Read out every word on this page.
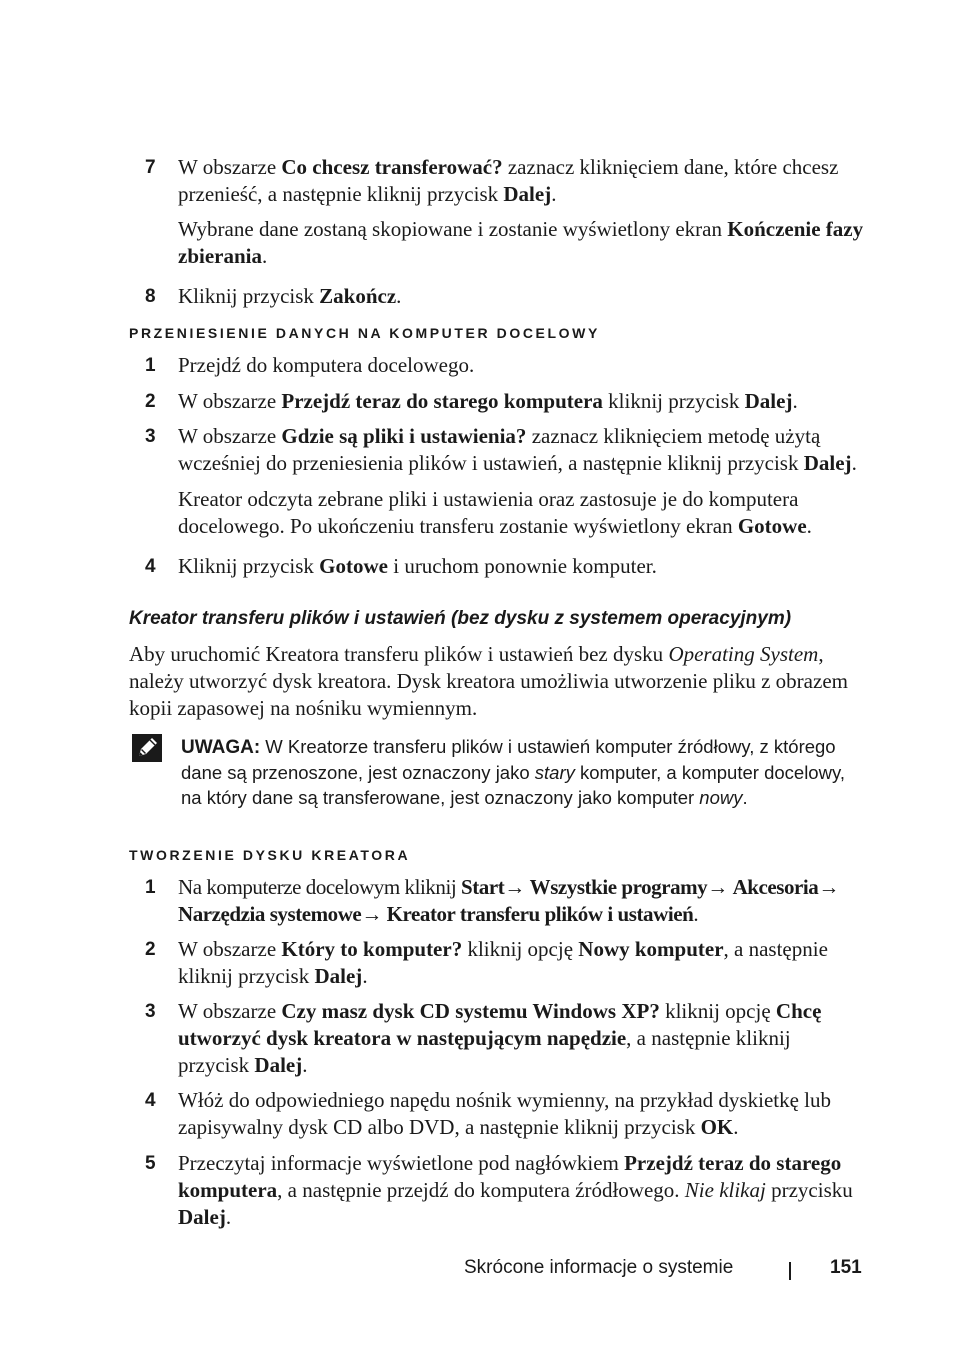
7 W obszarze Co chcesz transferować? zaznacz kliknięciem dane, które chcesz przenieść, a następnie kliknij przycisk Dalej.
Wybrane dane zostaną skopiowane i zostanie wyświetlony ekran Kończenie fazy zbierania.
8 Kliknij przycisk Zakończ.
PRZENIESIENIE DANYCH NA KOMPUTER DOCELOWY
1 Przejdź do komputera docelowego.
2 W obszarze Przejdź teraz do starego komputera kliknij przycisk Dalej.
3 W obszarze Gdzie są pliki i ustawienia? zaznacz kliknięciem metodę użytą wcześniej do przeniesienia plików i ustawień, a następnie kliknij przycisk Dalej.
Kreator odczyta zebrane pliki i ustawienia oraz zastosuje je do komputera docelowego. Po ukończeniu transferu zostanie wyświetlony ekran Gotowe.
4 Kliknij przycisk Gotowe i uruchom ponownie komputer.
Kreator transferu plików i ustawień (bez dysku z systemem operacyjnym)
Aby uruchomić Kreatora transferu plików i ustawień bez dysku Operating System, należy utworzyć dysk kreatora. Dysk kreatora umożliwia utworzenie pliku z obrazem kopii zapasowej na nośniku wymiennym.
UWAGA: W Kreatorze transferu plików i ustawień komputer źródłowy, z którego dane są przenoszone, jest oznaczony jako stary komputer, a komputer docelowy, na który dane są transferowane, jest oznaczony jako komputer nowy.
TWORZENIE DYSKU KREATORA
1 Na komputerze docelowym kliknij Start→ Wszystkie programy→ Akcesoria→ Narzędzia systemowe→ Kreator transferu plików i ustawień.
2 W obszarze Który to komputer? kliknij opcję Nowy komputer, a następnie kliknij przycisk Dalej.
3 W obszarze Czy masz dysk CD systemu Windows XP? kliknij opcję Chcę utworzyć dysk kreatora w następującym napędzie, a następnie kliknij przycisk Dalej.
4 Włóż do odpowiedniego napędu nośnik wymienny, na przykład dyskietkę lub zapisywalny dysk CD albo DVD, a następnie kliknij przycisk OK.
5 Przeczytaj informacje wyświetlone pod nagłówkiem Przejdź teraz do starego komputera, a następnie przejdź do komputera źródłowego. Nie klikaj przycisku Dalej.
Skrócone informacje o systemie	151
